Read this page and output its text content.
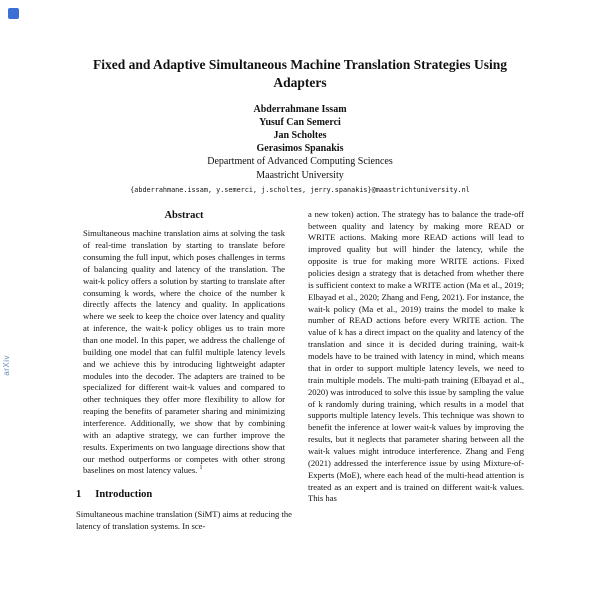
arXiv
Fixed and Adaptive Simultaneous Machine Translation Strategies Using Adapters
Abderrahmane Issam
Yusuf Can Semerci
Jan Scholtes
Gerasimos Spanakis
Department of Advanced Computing Sciences
Maastricht University
{abderrahmane.issam, y.semerci, j.scholtes, jerry.spanakis}@maastrichtuniversity.nl
Abstract

Simultaneous machine translation aims at solving the task of real-time translation by starting to translate before consuming the full input, which poses challenges in terms of balancing quality and latency of the translation. The wait-k policy offers a solution by starting to translate after consuming k words, where the choice of the number k directly affects the latency and quality. In applications where we seek to keep the choice over latency and quality at inference, the wait-k policy obliges us to train more than one model. In this paper, we address the challenge of building one model that can fulfil multiple latency levels and we achieve this by introducing lightweight adapter modules into the decoder. The adapters are trained to be specialized for different wait-k values and compared to other techniques they offer more flexibility to allow for reaping the benefits of parameter sharing and minimizing interference. Additionally, we show that by combining with an adaptive strategy, we can further improve the results. Experiments on two language directions show that our method outperforms or competes with other strong baselines on most latency values. $^1$

1 Introduction

Simultaneous machine translation (SiMT) aims at reducing the latency of translation systems. In sce-

a new token) action. The strategy has to balance the trade-off between quality and latency by making more READ or WRITE actions. Making more READ actions will lead to improved quality but will hinder the latency, while the opposite is true for making more WRITE actions. Fixed policies design a strategy that is detached from whether there is sufficient context to make a WRITE action (Ma et al., 2019; Elbayad et al., 2020; Zhang and Feng, 2021). For instance, the wait-k policy (Ma et al., 2019) trains the model to make k number of READ actions before every WRITE action. The value of k has a direct impact on the quality and latency of the translation and since it is decided during training, wait-k models have to be trained with latency in mind, which means that in order to support multiple latency levels, we need to train multiple models. The multi-path training (Elbayad et al., 2020) was introduced to solve this issue by sampling the value of k randomly during training, which results in a model that supports multiple latency levels. This technique was shown to benefit the inference at lower wait-k values by improving the results, but it neglects that parameter sharing between all the wait-k values might introduce interference. Zhang and Feng (2021) addressed the interference issue by using Mixture-of-Experts (MoE), where each head of the multi-head attention is treated as an expert and is trained on different wait-k values. This has
